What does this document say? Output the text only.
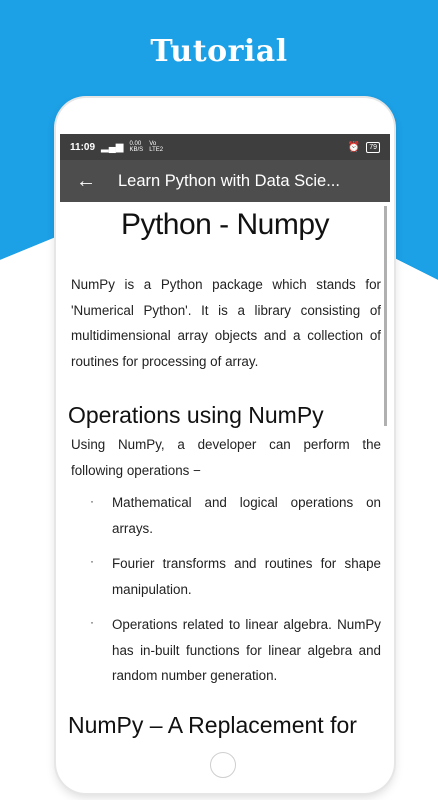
Tutorial
11:09 ▂▄▆ 0.00
KB/S
Vo
LTE2	⏰	79
←	Learn Python with Data Scie...
Python - Numpy
NumPy is a Python package which stands for 'Numerical Python'. It is a library consisting of multidimensional array objects and a collection of routines for processing of array.
Operations using NumPy
Using NumPy, a developer can perform the following operations −
· Mathematical and logical operations on arrays.
· Fourier transforms and routines for shape manipulation.
· Operations related to linear algebra. NumPy has in-built functions for linear algebra and random number generation.
NumPy – A Replacement for
